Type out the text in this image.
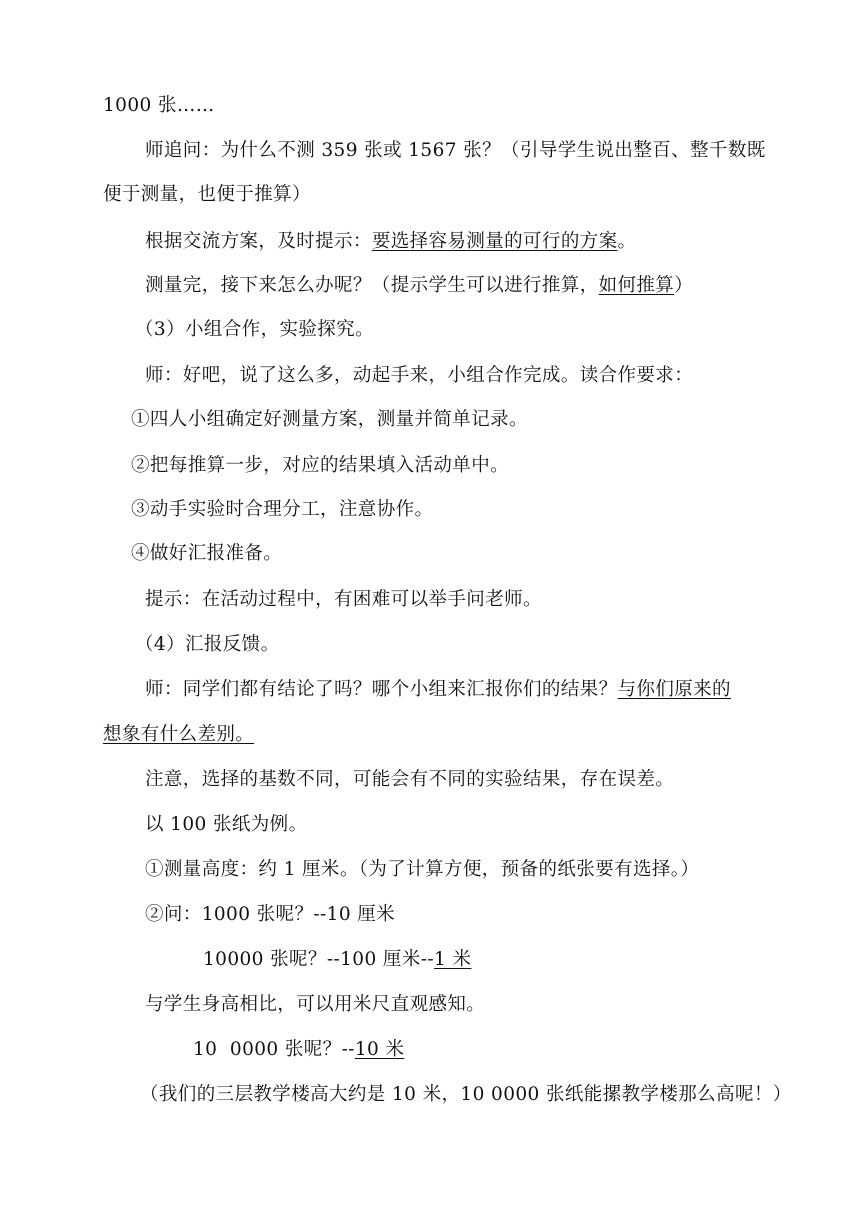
1000 张……
师追问：为什么不测 359 张或 1567 张？（引导学生说出整百、整千数既
便于测量，也便于推算）
根据交流方案，及时提示：要选择容易测量的可行的方案。
测量完，接下来怎么办呢？（提示学生可以进行推算，如何推算）
（3）小组合作，实验探究。
师：好吧，说了这么多，动起手来，小组合作完成。读合作要求：
①四人小组确定好测量方案，测量并简单记录。
②把每推算一步，对应的结果填入活动单中。
③动手实验时合理分工，注意协作。
④做好汇报准备。
提示：在活动过程中，有困难可以举手问老师。
（4）汇报反馈。
师：同学们都有结论了吗？哪个小组来汇报你们的结果？与你们原来的
想象有什么差别。
注意，选择的基数不同，可能会有不同的实验结果，存在误差。
以 100 张纸为例。
①测量高度：约 1 厘米。（为了计算方便，预备的纸张要有选择。）
②问：1000 张呢？--10 厘米
10000 张呢？--100 厘米--1 米
与学生身高相比，可以用米尺直观感知。
10  0000 张呢？--10 米
（我们的三层教学楼高大约是 10 米，10 0000 张纸能摞教学楼那么高呢！）
